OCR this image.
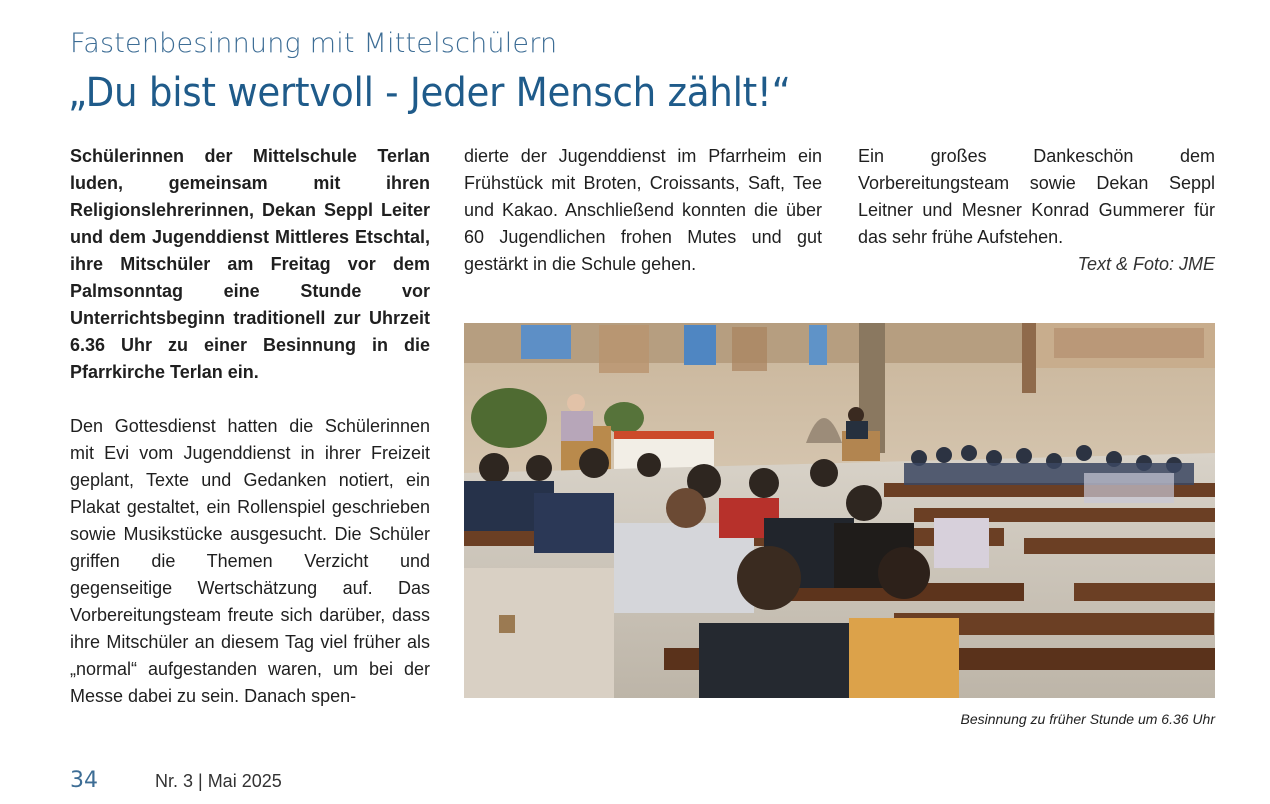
Fastenbesinnung mit Mittelschülern
„Du bist wertvoll - Jeder Mensch zählt!“

Schülerinnen der Mittelschule Terlan luden, gemeinsam mit ihren Religionslehrerinnen, Dekan Seppl Leiter und dem Jugenddienst Mittleres Etschtal, ihre Mitschüler am Freitag vor dem Palmsonntag eine Stunde vor Unterrichtsbeginn traditionell zur Uhrzeit 6.36 Uhr zu einer Besinnung in die Pfarrkirche Terlan ein.

Den Gottesdienst hatten die Schülerinnen mit Evi vom Jugenddienst in ihrer Freizeit geplant, Texte und Gedanken notiert, ein Plakat gestaltet, ein Rollenspiel geschrieben sowie Musikstücke ausgesucht. Die Schüler griffen die Themen Verzicht und gegenseitige Wertschätzung auf. Das Vorbereitungsteam freute sich darüber, dass ihre Mitschüler an diesem Tag viel früher als „normal“ aufgestanden waren, um bei der Messe dabei zu sein. Danach spen-

dierte der Jugenddienst im Pfarrheim ein Frühstück mit Broten, Croissants, Saft, Tee und Kakao. Anschließend konnten die über 60 Jugendlichen frohen Mutes und gut gestärkt in die Schule gehen.

Ein großes Dankeschön dem Vorbereitungsteam sowie Dekan Seppl Leitner und Mesner Konrad Gummerer für das sehr frühe Aufstehen.

Text & Foto: JME

Besinnung zu früher Stunde um 6.36 Uhr
34	Nr. 3 | Mai 2025
